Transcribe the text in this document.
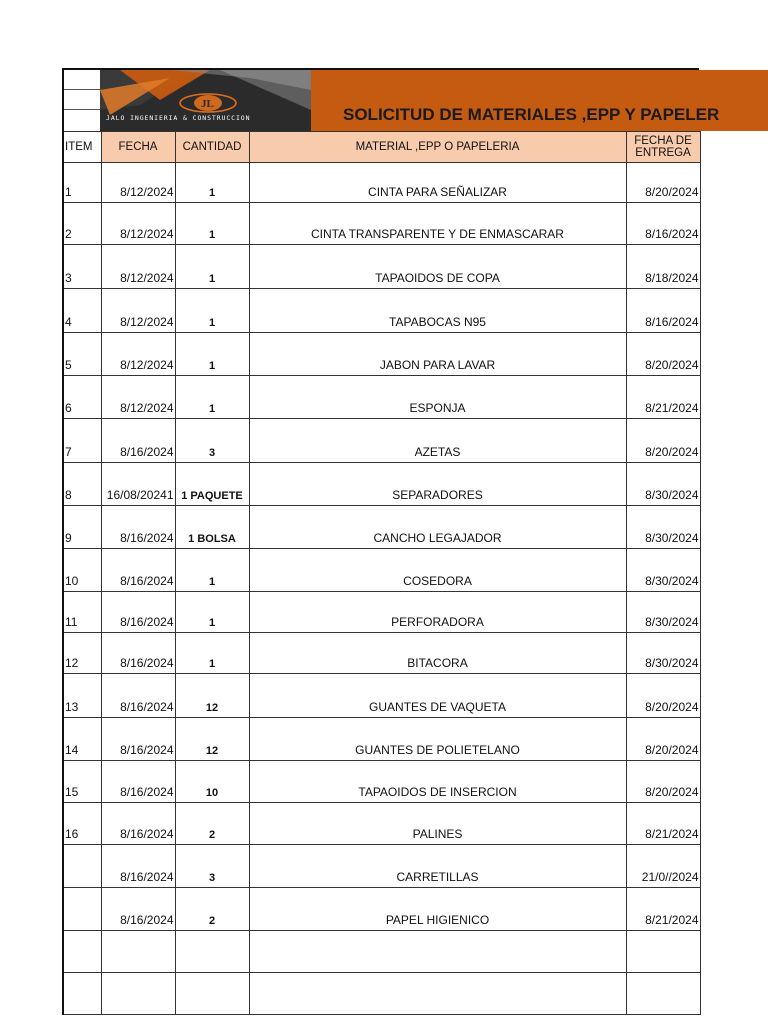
JL
JALO INGENIERIA & CONSTRUCCION	SOLICITUD DE MATERIALES ,EPP Y PAPELER
ITEM	FECHA	CANTIDAD	MATERIAL ,EPP O PAPELERIA	FECHA DE
ENTREGA

1	8/12/2024	1	CINTA PARA SEÑALIZAR	8/20/2024
2	8/12/2024	1	CINTA TRANSPARENTE Y DE ENMASCARAR	8/16/2024
3	8/12/2024	1	TAPAOIDOS DE COPA	8/18/2024
4	8/12/2024	1	TAPABOCAS N95	8/16/2024
5	8/12/2024	1	JABON PARA LAVAR	8/20/2024
6	8/12/2024	1	ESPONJA	8/21/2024
7	8/16/2024	3	AZETAS	8/20/2024
8	16/08/20241	1 PAQUETE	SEPARADORES	8/30/2024
9	8/16/2024	1 BOLSA	CANCHO LEGAJADOR	8/30/2024
10	8/16/2024	1	COSEDORA	8/30/2024
11	8/16/2024	1	PERFORADORA	8/30/2024
12	8/16/2024	1	BITACORA	8/30/2024
13	8/16/2024	12	GUANTES DE VAQUETA	8/20/2024
14	8/16/2024	12	GUANTES DE POLIETELANO	8/20/2024
15	8/16/2024	10	TAPAOIDOS DE INSERCION	8/20/2024
16	8/16/2024	2	PALINES	8/21/2024
	8/16/2024	3	CARRETILLAS	21/0//2024
	8/16/2024	2	PAPEL HIGIENICO	8/21/2024
